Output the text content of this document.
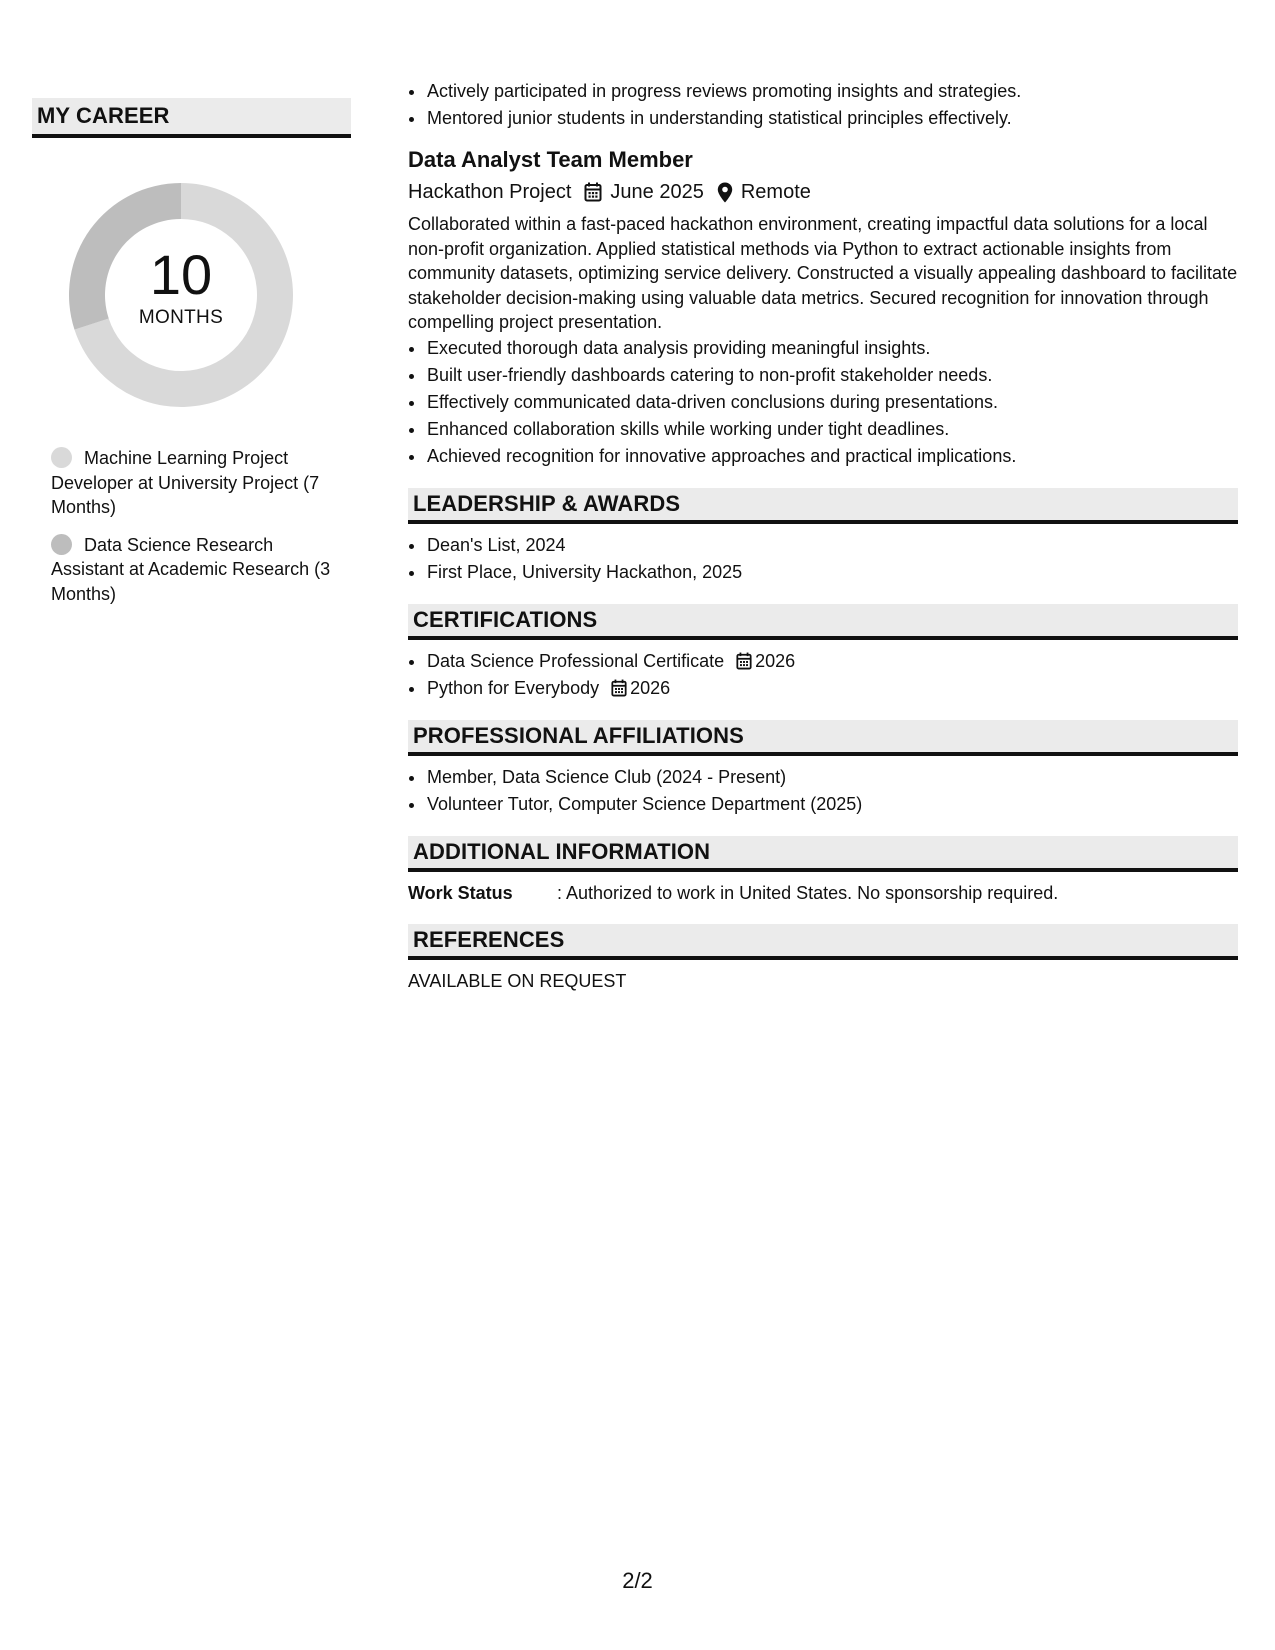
MY CAREER
10
MONTHS
Machine Learning Project Developer at University Project (7 Months)
Data Science Research Assistant at Academic Research (3 Months)
• Actively participated in progress reviews promoting insights and strategies.
• Mentored junior students in understanding statistical principles effectively.
Data Analyst Team Member
Hackathon Project June 2025 Remote
Collaborated within a fast-paced hackathon environment, creating impactful data solutions for a local non-profit organization. Applied statistical methods via Python to extract actionable insights from community datasets, optimizing service delivery. Constructed a visually appealing dashboard to facilitate stakeholder decision-making using valuable data metrics. Secured recognition for innovation through compelling project presentation.
• Executed thorough data analysis providing meaningful insights.
• Built user-friendly dashboards catering to non-profit stakeholder needs.
• Effectively communicated data-driven conclusions during presentations.
• Enhanced collaboration skills while working under tight deadlines.
• Achieved recognition for innovative approaches and practical implications.
LEADERSHIP & AWARDS
• Dean's List, 2024
• First Place, University Hackathon, 2025
CERTIFICATIONS
• Data Science Professional Certificate 2026
• Python for Everybody 2026
PROFESSIONAL AFFILIATIONS
• Member, Data Science Club (2024 - Present)
• Volunteer Tutor, Computer Science Department (2025)
ADDITIONAL INFORMATION
Work Status	: Authorized to work in United States. No sponsorship required.
REFERENCES
AVAILABLE ON REQUEST
2/2
